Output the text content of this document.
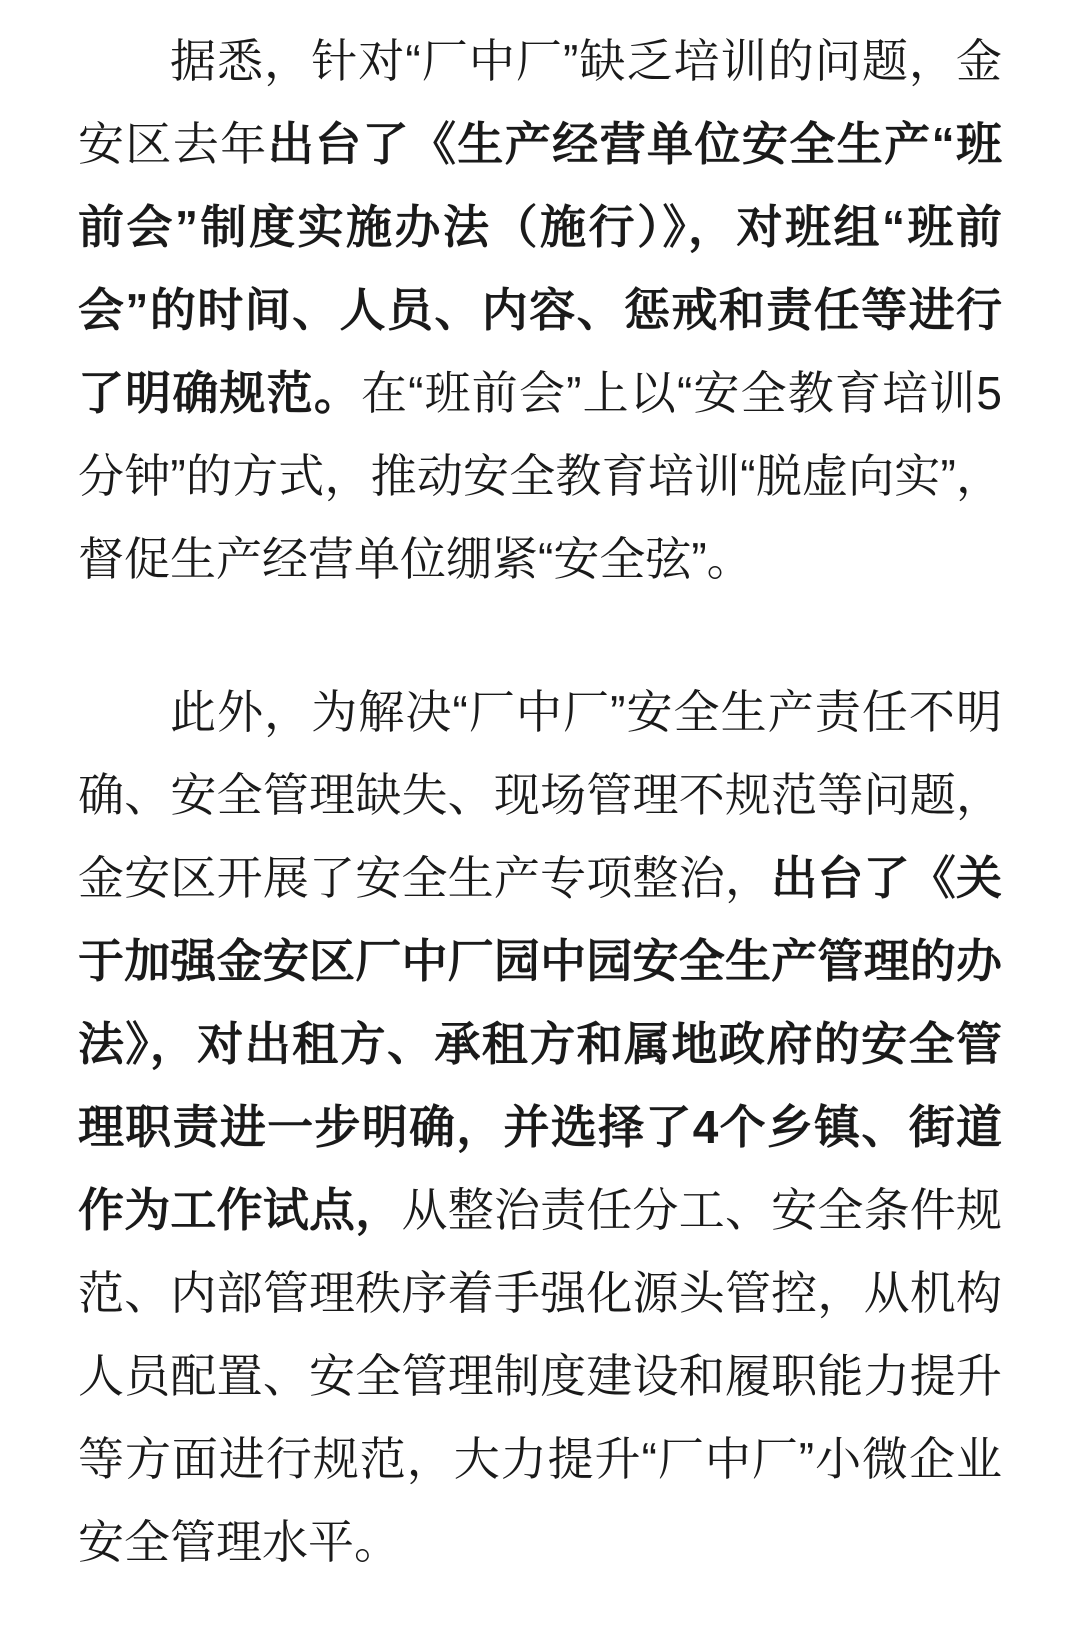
据悉，针对“厂中厂”缺乏培训的问题，金安区去年出台了《生产经营单位安全生产“班前会”制度实施办法（施行）》，对班组“班前会”的时间、人员、内容、惩戒和责任等进行了明确规范。在“班前会”上以“安全教育培训5分钟”的方式，推动安全教育培训“脱虚向实”，督促生产经营单位绷紧“安全弦”。

此外，为解决“厂中厂”安全生产责任不明确、安全管理缺失、现场管理不规范等问题，金安区开展了安全生产专项整治，出台了《关于加强金安区厂中厂园中园安全生产管理的办法》，对出租方、承租方和属地政府的安全管理职责进一步明确，并选择了4个乡镇、街道作为工作试点，从整治责任分工、安全条件规范、内部管理秩序着手强化源头管控，从机构人员配置、安全管理制度建设和履职能力提升等方面进行规范，大力提升“厂中厂”小微企业安全管理水平。
